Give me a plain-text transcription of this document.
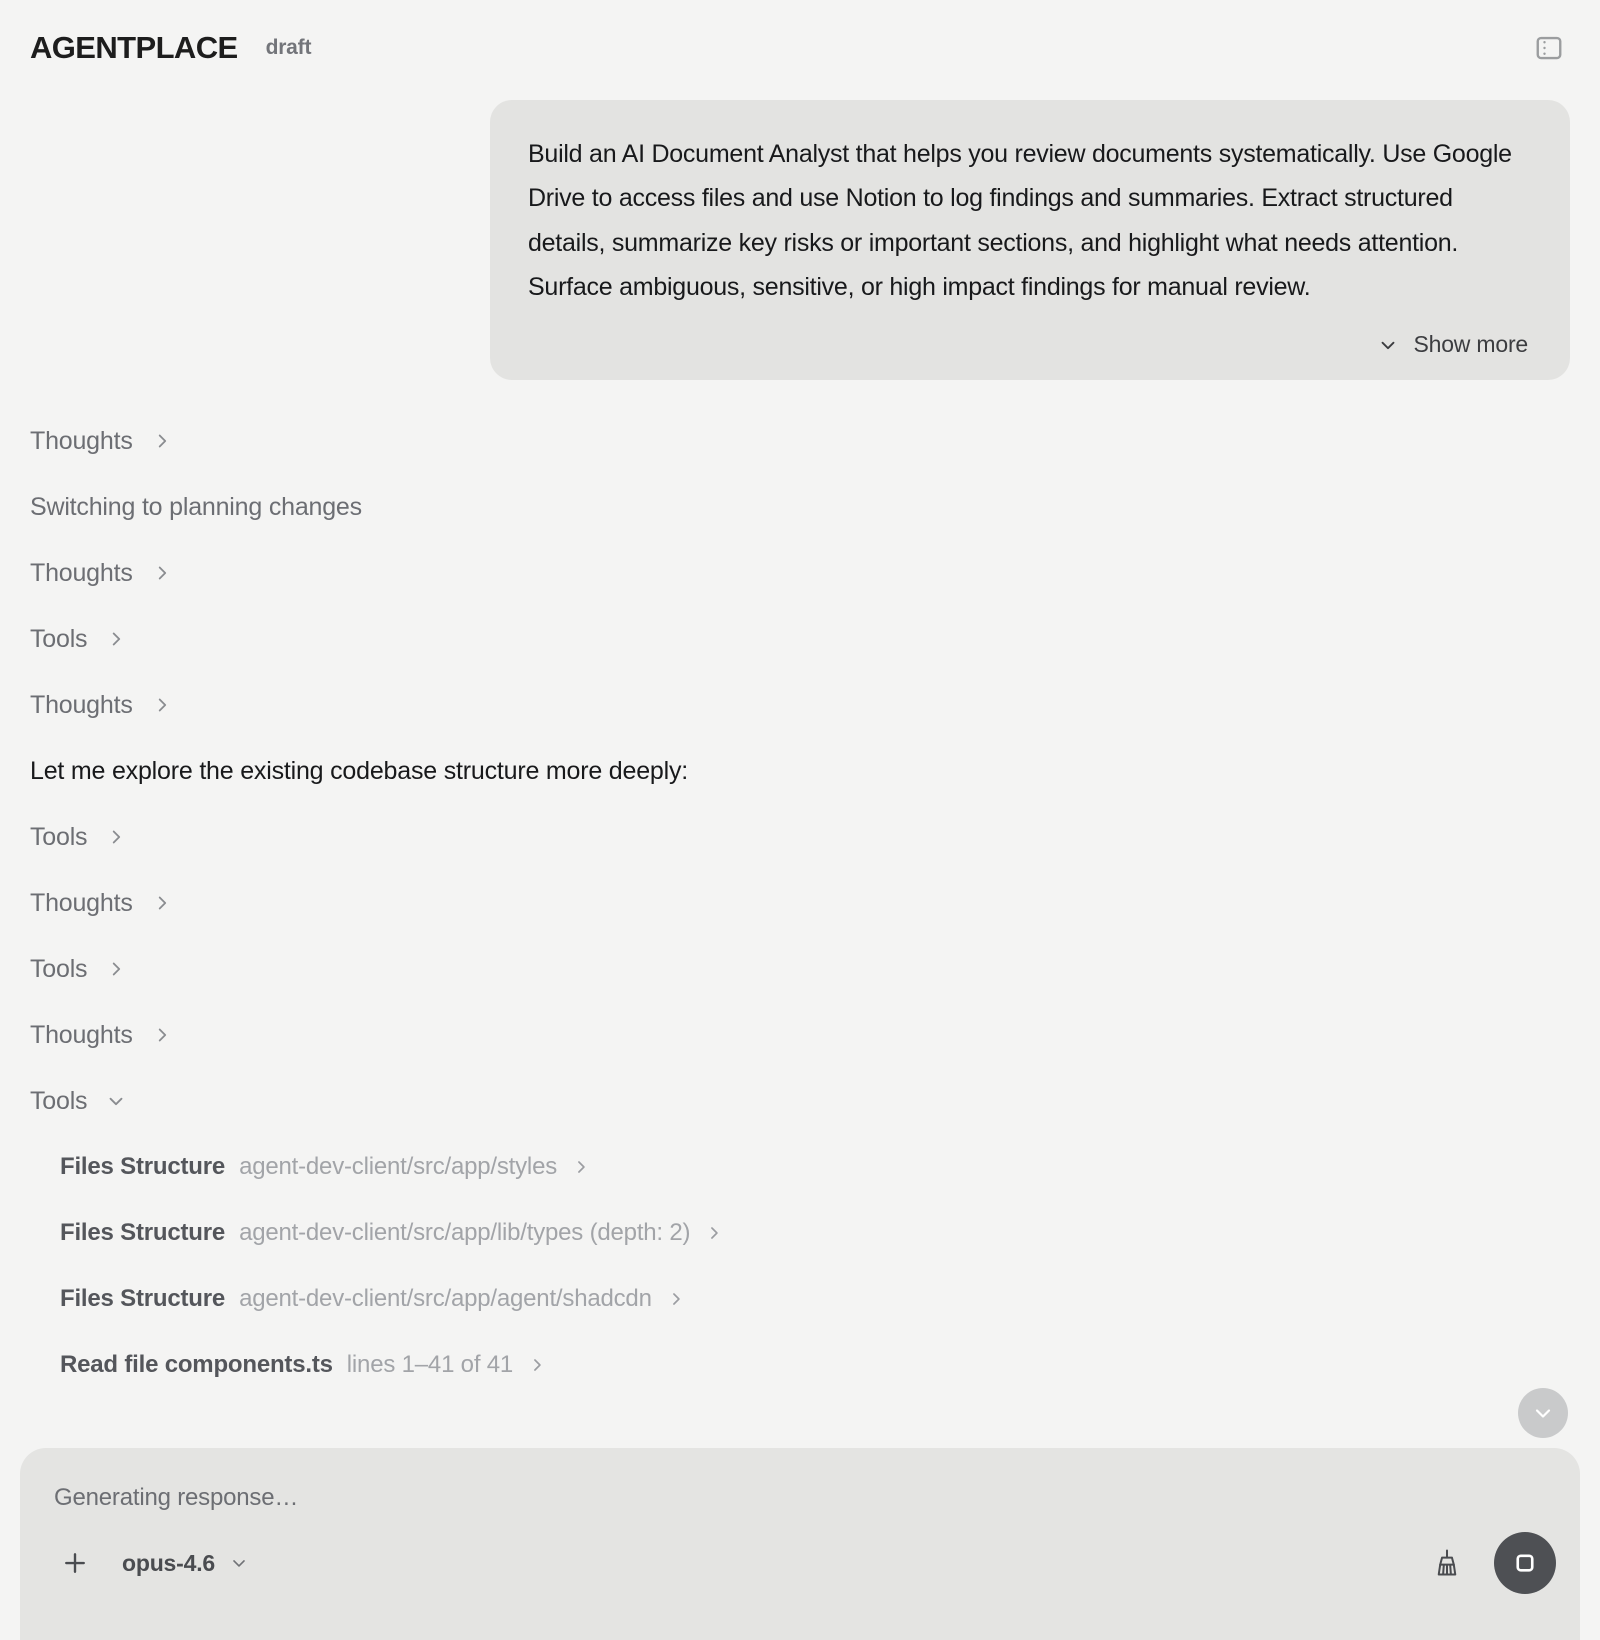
AGENTPLACE draft

Build an AI Document Analyst that helps you review documents systematically. Use Google Drive to access files and use Notion to log findings and summaries. Extract structured details, summarize key risks or important sections, and highlight what needs attention. Surface ambiguous, sensitive, or high impact findings for manual review.

Show more
Thoughts
Switching to planning changes
Thoughts
Tools
Thoughts
Let me explore the existing codebase structure more deeply:
Tools
Thoughts
Tools
Thoughts
Tools
Files Structure agent-dev-client/src/app/styles
Files Structure agent-dev-client/src/app/lib/types (depth: 2)
Files Structure agent-dev-client/src/app/agent/shadcdn
Read file components.ts lines 1–41 of 41
Generating response…
opus-4.6
